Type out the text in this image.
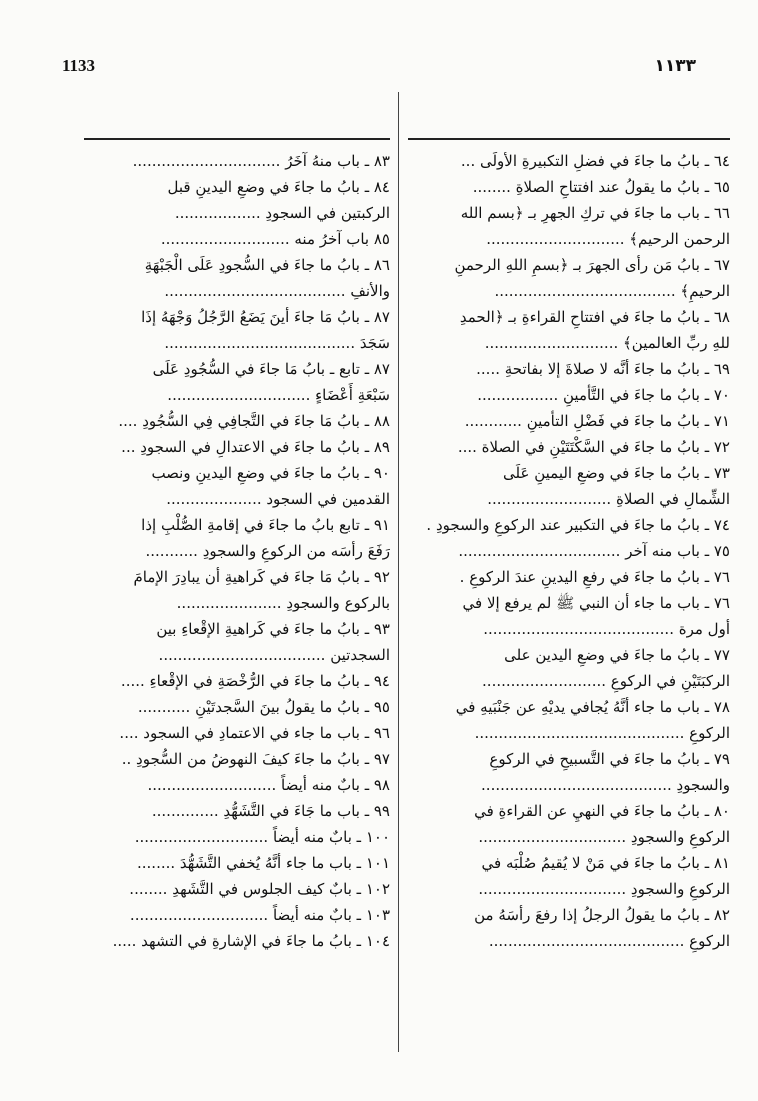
1133	١١٣٣
٦٤ ـ بابُ ما جاءَ في فضلِ التكبيرةِ الأولَى ...
٦٥ ـ بابُ ما يقولُ عند افتتاحِ الصلاةِ ........
٦٦ ـ باب ما جاءَ في تركِ الجهرِ بـ ﴿بسم الله
الرحمن الرحيم﴾ .............................
٦٧ ـ بابُ مَن رأى الجهرَ بـ ﴿بسمِ اللهِ الرحمنِ
الرحيمِ﴾ ......................................
٦٨ ـ بابُ ما جاءَ في افتتاحِ القراءةِ بـ ﴿الحمدِ
للهِ ربِّ العالمين﴾ ............................
٦٩ ـ بابُ ما جاءَ أنَّه لا صلاةَ إلا بفاتحةِ .....
٧٠ ـ بابُ ما جاءَ في التَّأمينِ .................
٧١ ـ بابُ ما جاءَ في فَضْلِ التأمينِ ............
٧٢ ـ بابُ ما جاءَ في السَّكْتَتَيْنِ في الصلاة ....
٧٣ ـ بابُ ما جاءَ في وضعِ اليمينِ عَلَى
الشِّمالِ في الصلاةِ ..........................
٧٤ ـ بابُ ما جاءَ في التكبير عند الركوعِ والسجودِ .
٧٥ ـ باب منه آخر ..................................
٧٦ ـ بابُ ما جاءَ في رفعِ اليدينِ عندَ الركوعِ .
٧٦ ـ باب ما جاء أن النبي ﷺ لم يرفع إلا في
أول مرة ........................................
٧٧ ـ بابُ ما جاءَ في وضعِ اليدين على
الركبَتَيْنِ في الركوعِ ..........................
٧٨ ـ باب ما جاء أنَّهُ يُجافي يديْهِ عن جَنْبَيهِ في
الركوعِ ............................................
٧٩ ـ بابُ ما جاءَ في التَّسبيحِ في الركوعِ
والسجودِ ........................................
٨٠ ـ بابُ ما جاءَ في النهيِ عن القراءةِ في
الركوعِ والسجودِ ...............................
٨١ ـ بابُ ما جاءَ في مَنْ لا يُقيمُ صُلْبَه في
الركوعِ والسجودِ ...............................
٨٢ ـ بابُ ما يقولُ الرجلُ إذا رفعَ رأسَهُ من
الركوعِ .........................................
٨٣ ـ باب منهُ آخَرُ ...............................
٨٤ ـ بابُ ما جاءَ في وضعِ اليدينِ قبل
الركبتين في السجودِ ..................
٨٥ باب آخرُ منه ...........................
٨٦ ـ بابُ ما جاءَ في السُّجودِ عَلَى الْجَبْهَةِ
والأنفِ ......................................
٨٧ ـ بابُ مَا جاءَ أينَ يَضَعُ الرَّجُلُ وَجْهَهُ إذَا
سَجَدَ ........................................
٨٧ ـ تابع ـ بابُ مَا جاءَ في السُّجُودِ عَلَى
سَبْعَةِ أَعْضَاءٍ ..............................
٨٨ ـ بابُ مَا جاءَ في التَّجافِي فِي السُّجُودِ ....
٨٩ ـ بابُ ما جاءَ في الاعتدالِ في السجودِ ...
٩٠ ـ بابُ ما جاءَ في وضعِ اليدينِ ونصب
القدمين في السجود ....................
٩١ ـ تابع بابُ ما جاءَ في إقامةِ الصُّلْبِ إذا
رَفَعَ رأسَه من الركوعِ والسجودِ ...........
٩٢ ـ بابُ مَا جاءَ في كَراهيةِ أن يبادِرَ الإمامَ
بالركوع والسجودِ ......................
٩٣ ـ بابُ ما جاءَ في كَراهيةِ الإقْعاءِ بين
السجدتين ...................................
٩٤ ـ بابُ ما جاءَ في الرُّخْصَةِ في الإقْعاءِ .....
٩٥ ـ بابُ ما يقولُ بينَ السَّجدتَيْنِ ...........
٩٦ ـ باب ما جاء في الاعتمادِ في السجود ....
٩٧ ـ بابُ ما جاءَ كيفَ النهوضُ من السُّجودِ ..
٩٨ ـ بابٌ منه أيضاً ...........................
٩٩ ـ باب ما جَاءَ في التَّشَهُّدِ ..............
١٠٠ ـ بابٌ منه أيضاً ............................
١٠١ ـ باب ما جاء أنَّهُ يُخفي التَّشَهُّدَ ........
١٠٢ ـ بابٌ كيف الجلوس في التَّشَهدِ ........
١٠٣ ـ بابٌ منه أيضاً .............................
١٠٤ ـ بابُ ما جاءَ في الإشارةِ في التشهد .....
